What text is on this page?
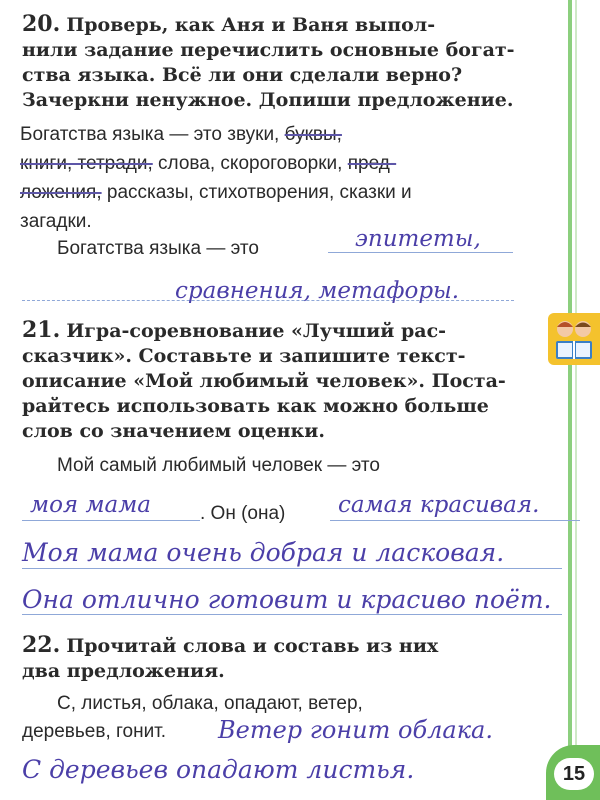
20. Проверь, как Аня и Ваня выпол-
нили задание перечислить основные богат-
ства языка. Всё ли они сделали верно?
Зачеркни ненужное. Допиши предложение.
Богатства языка — это звуки, буквы,
книги, тетради, слова, скороговорки, пред-
ложения, рассказы, стихотворения, сказки и
загадки.
Богатства языка — это	эпитеты,
сравнения, метафоры.
21. Игра-соревнование «Лучший рас-
сказчик». Составьте и запишите текст-
описание «Мой любимый человек». Поста-
райтесь использовать как можно больше
слов со значением оценки.
Мой самый любимый человек — это
моя мама	. Он (она) самая красивая.
Моя мама очень добрая и ласковая.
Она отлично готовит и красиво поёт.
22. Прочитай слова и составь из них
два предложения.
С, листья, облака, опадают, ветер,
деревьев, гонит. Ветер гонит облака.
С деревьев опадают листья.	15
